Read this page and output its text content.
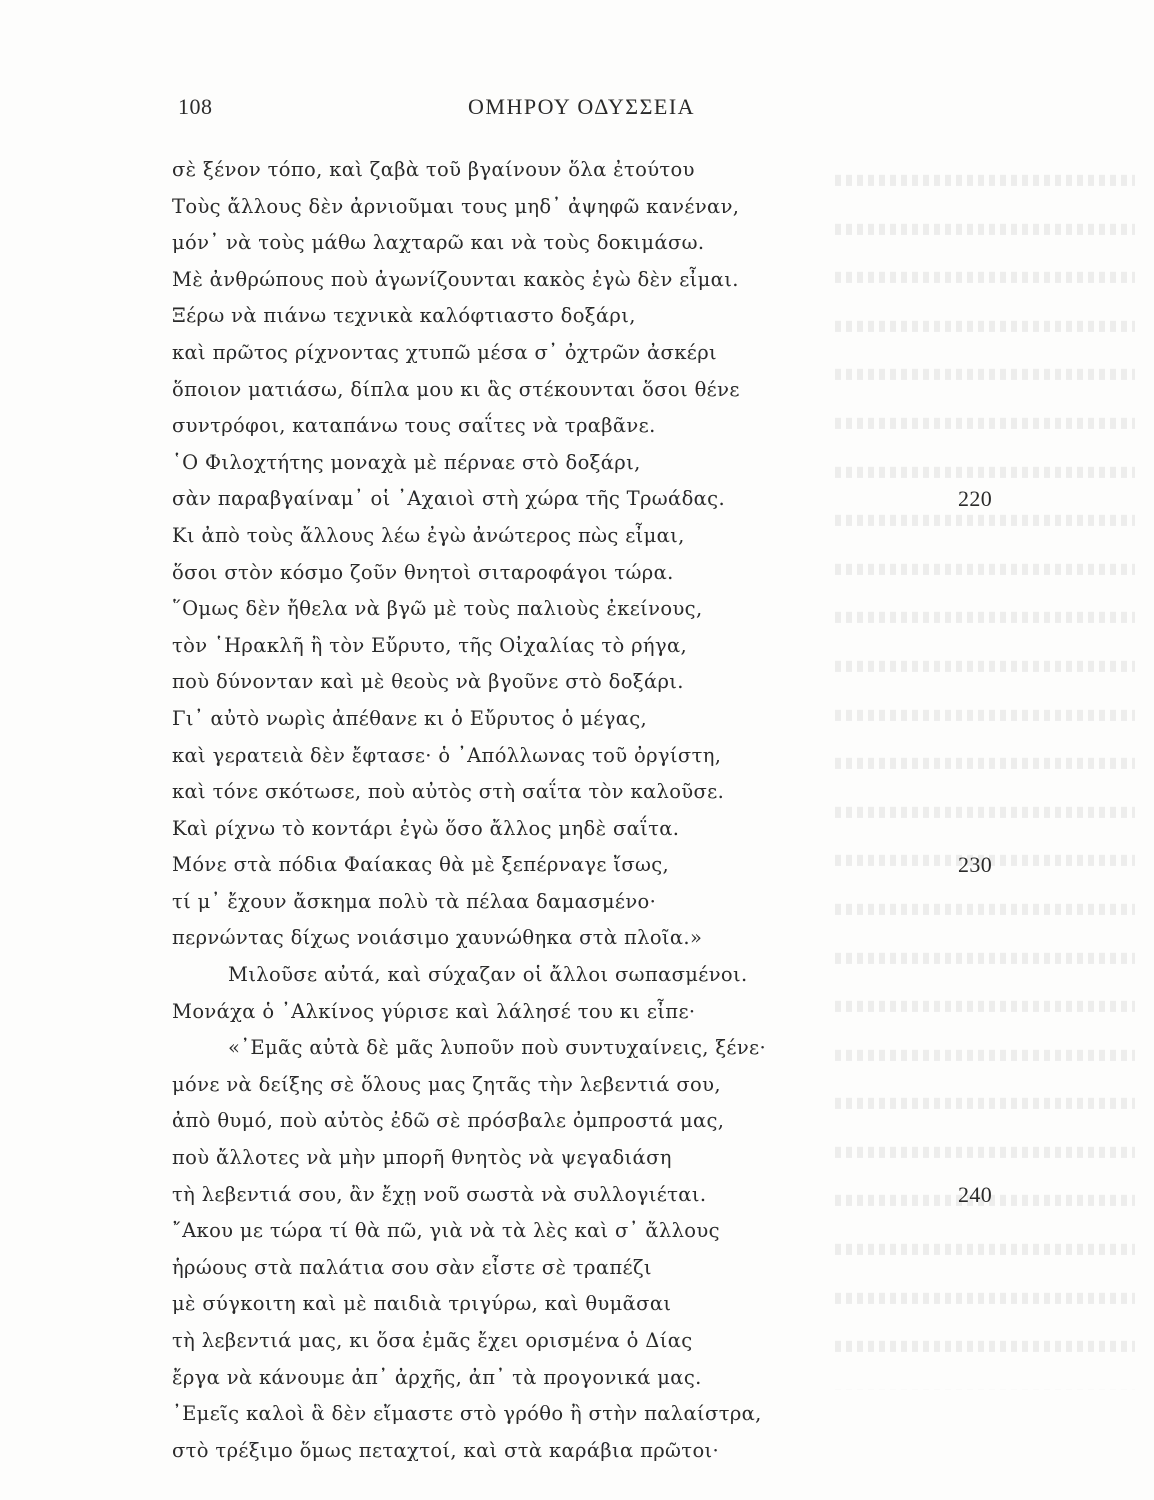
108	ΟΜΗΡΟΥ ΟΔΥΣΣΕΙΑ
σὲ ξένον τόπο, καὶ ζαβὰ τοῦ βγαίνουν ὅλα ἐτούτου
Τοὺς ἄλλους δὲν ἀρνιοῦμαι τους μηδ᾽ ἀψηφῶ κανέναν,
μόν᾽ νὰ τοὺς μάθω λαχταρῶ και νὰ τοὺς δοκιμάσω.
Μὲ ἀνθρώπους ποὺ ἀγωνίζουνται κακὸς ἐγὼ δὲν εἶμαι.
Ξέρω νὰ πιάνω τεχνικὰ καλόφτιαστο δοξάρι,
καὶ πρῶτος ρίχνοντας χτυπῶ μέσα σ᾽ ὀχτρῶν ἀσκέρι
ὅποιον ματιάσω, δίπλα μου κι ἃς στέκουνται ὅσοι θένε
συντρόφοι, καταπάνω τους σαΐτες νὰ τραβᾶνε.
῾Ο Φιλοχτήτης μοναχὰ μὲ πέρναε στὸ δοξάρι,
σὰν παραβγαίναμ᾽ οἱ ᾽Αχαιοὶ στὴ χώρα τῆς Τρωάδας.	220
Κι ἀπὸ τοὺς ἄλλους λέω ἐγὼ ἀνώτερος πὼς εἶμαι,
ὅσοι στὸν κόσμο ζοῦν θνητοὶ σιταροφάγοι τώρα.
῞Ομως δὲν ἤθελα νὰ βγῶ μὲ τοὺς παλιοὺς ἐκείνους,
τὸν ῾Ηρακλῆ ἢ τὸν Εὔρυτο, τῆς Οἰχαλίας τὸ ρήγα,
ποὺ δύνονταν καὶ μὲ θεοὺς νὰ βγοῦνε στὸ δοξάρι.
Γι᾽ αὐτὸ νωρὶς ἀπέθανε κι ὁ Εὔρυτος ὁ μέγας,
καὶ γερατειὰ δὲν ἔφτασε· ὁ ᾽Απόλλωνας τοῦ ὀργίστη,
καὶ τόνε σκότωσε, ποὺ αὐτὸς στὴ σαΐτα τὸν καλοῦσε.
Καὶ ρίχνω τὸ κοντάρι ἐγὼ ὅσο ἄλλος μηδὲ σαΐτα.
Μόνε στὰ πόδια Φαίακας θὰ μὲ ξεπέρναγε ἴσως,	230
τί μ᾽ ἔχουν ἄσκημα πολὺ τὰ πέλαα δαμασμένο·
περνώντας δίχως νοιάσιμο χαυνώθηκα στὰ πλοῖα.»
Μιλοῦσε αὐτά, καὶ σύχαζαν οἱ ἄλλοι σωπασμένοι.
Μονάχα ὁ ᾽Αλκίνος γύρισε καὶ λάλησέ του κι εἶπε·
«᾽Εμᾶς αὐτὰ δὲ μᾶς λυποῦν ποὺ συντυχαίνεις, ξένε·
μόνε νὰ δείξης σὲ ὅλους μας ζητᾶς τὴν λεβεντιά σου,
ἀπὸ θυμό, ποὺ αὐτὸς ἐδῶ σὲ πρόσβαλε ὀμπροστά μας,
ποὺ ἄλλοτες νὰ μὴν μπορῆ θνητὸς νὰ ψεγαδιάση
τὴ λεβεντιά σου, ἂν ἔχῃ νοῦ σωστὰ νὰ συλλογιέται.	240
῎Ακου με τώρα τί θὰ πῶ, γιὰ νὰ τὰ λὲς καὶ σ᾽ ἄλλους
ἡρώους στὰ παλάτια σου σὰν εἶστε σὲ τραπέζι
μὲ σύγκοιτη καὶ μὲ παιδιὰ τριγύρω, καὶ θυμᾶσαι
τὴ λεβεντιά μας, κι ὅσα ἐμᾶς ἔχει ορισμένα ὁ Δίας
ἔργα νὰ κάνουμε ἀπ᾽ ἀρχῆς, ἀπ᾽ τὰ προγονικά μας.
᾽Εμεῖς καλοὶ ἃ δὲν εἴμαστε στὸ γρόθο ἢ στὴν παλαίστρα,
στὸ τρέξιμο ὅμως πεταχτοί, καὶ στὰ καράβια πρῶτοι·
